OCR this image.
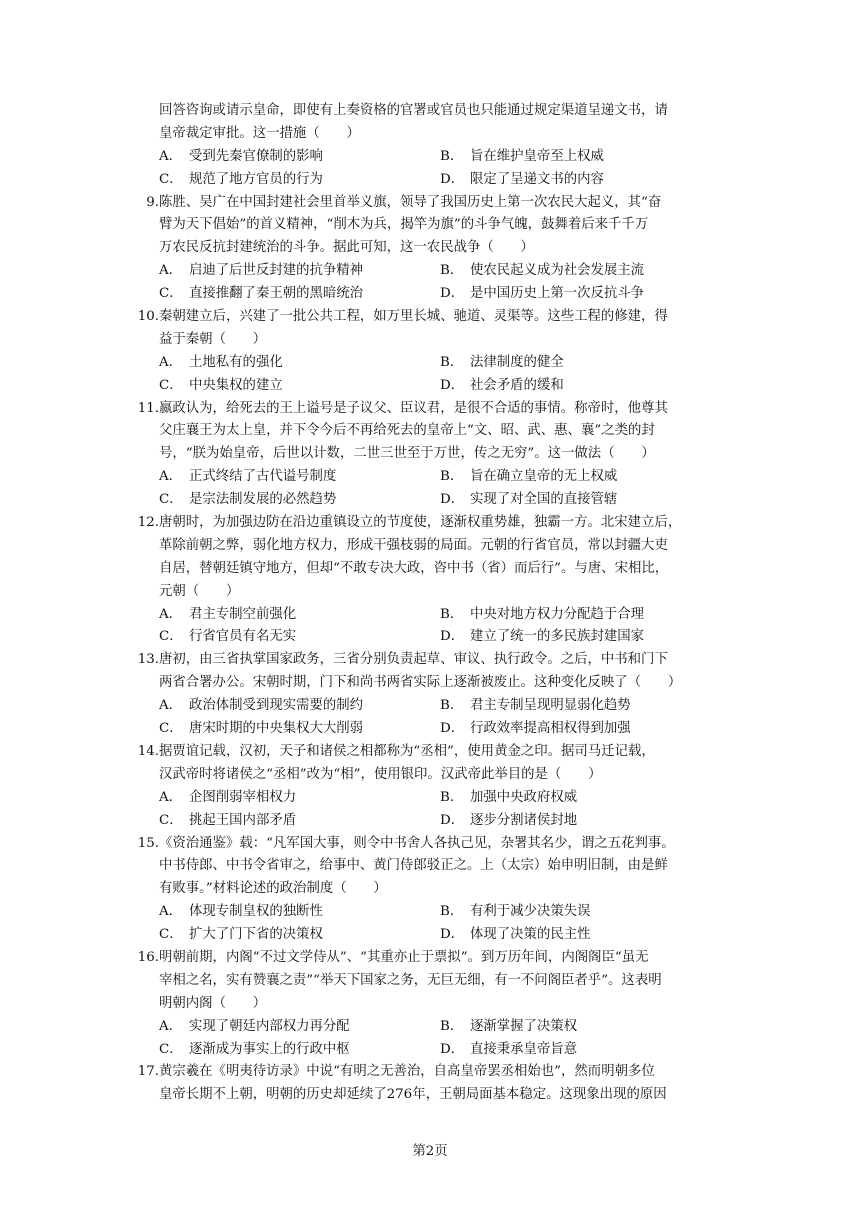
回答咨询或请示皇命，即使有上奏资格的官署或官员也只能通过规定渠道呈递文书，请
皇帝裁定审批。这一措施（　　）
A． 受到先秦官僚制的影响	B． 旨在维护皇帝至上权威
C． 规范了地方官员的行为	D． 限定了呈递文书的内容
9. 陈胜、吴广在中国封建社会里首举义旗，领导了我国历史上第一次农民大起义，其“奋
臂为天下倡始”的首义精神，“削木为兵，揭竿为旗”的斗争气魄，鼓舞着后来千千万
万农民反抗封建统治的斗争。据此可知，这一农民战争（　　）
A． 启迪了后世反封建的抗争精神	B． 使农民起义成为社会发展主流
C． 直接推翻了秦王朝的黑暗统治	D． 是中国历史上第一次反抗斗争
10. 秦朝建立后，兴建了一批公共工程，如万里长城、驰道、灵渠等。这些工程的修建，得
益于秦朝（　　）
A． 土地私有的强化	B． 法律制度的健全
C． 中央集权的建立	D． 社会矛盾的缓和
11. 嬴政认为，给死去的王上谥号是子议父、臣议君，是很不合适的事情。称帝时，他尊其
父庄襄王为太上皇，并下令今后不再给死去的皇帝上“文、昭、武、惠、襄”之类的封
号，“朕为始皇帝，后世以计数，二世三世至于万世，传之无穷”。这一做法（　　）
A． 正式终结了古代谥号制度	B． 旨在确立皇帝的无上权威
C． 是宗法制发展的必然趋势	D． 实现了对全国的直接管辖
12. 唐朝时，为加强边防在沿边重镇设立的节度使，逐渐权重势雄，独霸一方。北宋建立后，
革除前朝之弊，弱化地方权力，形成干强枝弱的局面。元朝的行省官员，常以封疆大吏
自居，替朝廷镇守地方，但却“不敢专决大政，咨中书（省）而后行”。与唐、宋相比，
元朝（　　）
A． 君主专制空前强化	B． 中央对地方权力分配趋于合理
C． 行省官员有名无实	D． 建立了统一的多民族封建国家
13. 唐初，由三省执掌国家政务，三省分别负责起草、审议、执行政令。之后，中书和门下
两省合署办公。宋朝时期，门下和尚书两省实际上逐渐被废止。这种变化反映了（　　）
A． 政治体制受到现实需要的制约	B． 君主专制呈现明显弱化趋势
C． 唐宋时期的中央集权大大削弱	D． 行政效率提高相权得到加强
14. 据贾谊记载，汉初，天子和诸侯之相都称为“丞相”，使用黄金之印。据司马迁记载，
汉武帝时将诸侯之“丞相”改为“相”，使用银印。汉武帝此举目的是（　　）
A． 企图削弱宰相权力	B． 加强中央政府权威
C． 挑起王国内部矛盾	D． 逐步分割诸侯封地
15. 《资治通鉴》载：“凡军国大事，则令中书舍人各执己见，杂署其名少，谓之五花判事。
中书侍郎、中书令省审之，给事中、黄门侍郎驳正之。上（太宗）始申明旧制，由是鲜
有败事。”材料论述的政治制度（　　）
A． 体现专制皇权的独断性	B． 有利于减少决策失误
C． 扩大了门下省的决策权	D． 体现了决策的民主性
16. 明朝前期，内阁“不过文学侍从”、“其重亦止于票拟”。到万历年间，内阁阁臣“虽无
宰相之名，实有赞襄之责”“举天下国家之务，无巨无细，有一不问阁臣者乎”。这表明
明朝内阁（　　）
A． 实现了朝廷内部权力再分配	B． 逐渐掌握了决策权
C． 逐渐成为事实上的行政中枢	D． 直接秉承皇帝旨意
17. 黄宗羲在《明夷待访录》中说“有明之无善治，自高皇帝罢丞相始也”，然而明朝多位
皇帝长期不上朝，明朝的历史却延续了276年，王朝局面基本稳定。这现象出现的原因
第2页
